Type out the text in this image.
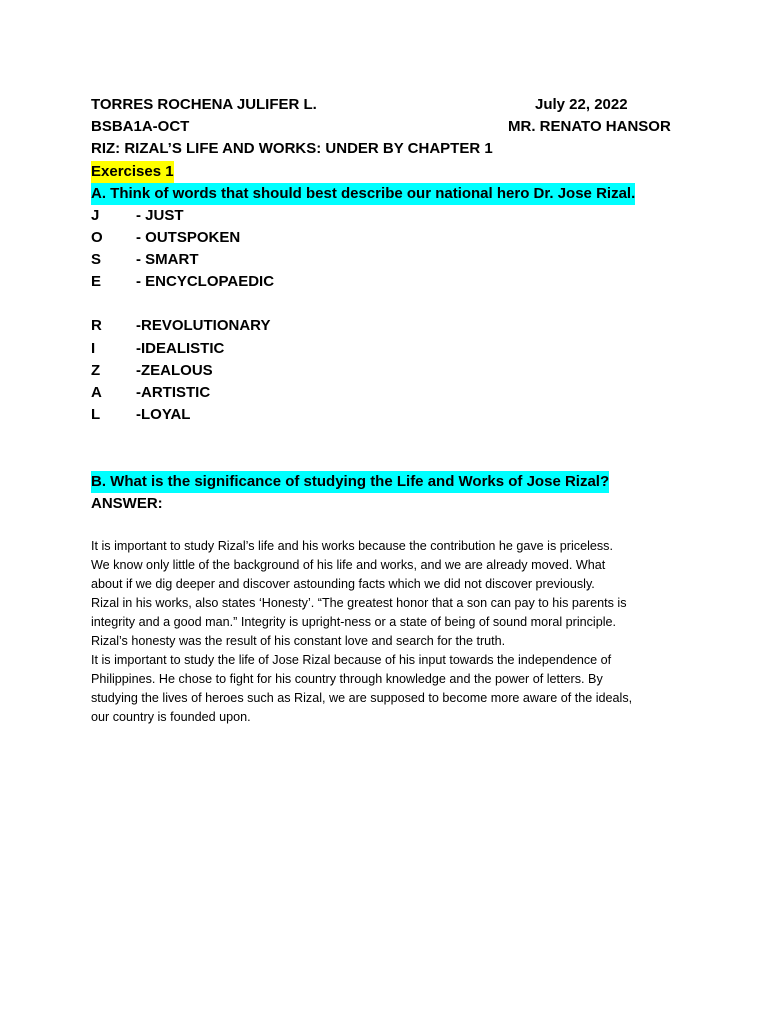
TORRES ROCHENA JULIFER L.	July 22, 2022
BSBA1A-OCT	MR. RENATO HANSOR
RIZ: RIZAL’S LIFE AND WORKS: UNDER BY CHAPTER 1
Exercises 1
A. Think of words that should best describe our national hero Dr. Jose Rizal.
J - JUST
O - OUTSPOKEN
S - SMART
E - ENCYCLOPAEDIC
R -REVOLUTIONARY
I	-IDEALISTIC
Z -ZEALOUS
A -ARTISTIC
L -LOYAL
B. What is the significance of studying the Life and Works of Jose Rizal?
ANSWER:

It is important to study Rizal’s life and his works because the contribution he gave is priceless.

We know only little of the background of his life and works, and we are already moved. What

about if we dig deeper and discover astounding facts which we did not discover previously.

Rizal in his works, also states ‘Honesty’. “The greatest honor that a son can pay to his parents is

integrity and a good man.” Integrity is upright-ness or a state of being of sound moral principle.

Rizal’s honesty was the result of his constant love and search for the truth.

It is important to study the life of Jose Rizal because of his input towards the independence of

Philippines. He chose to fight for his country through knowledge and the power of letters. By

studying the lives of heroes such as Rizal, we are supposed to become more aware of the ideals,

our country is founded upon.
